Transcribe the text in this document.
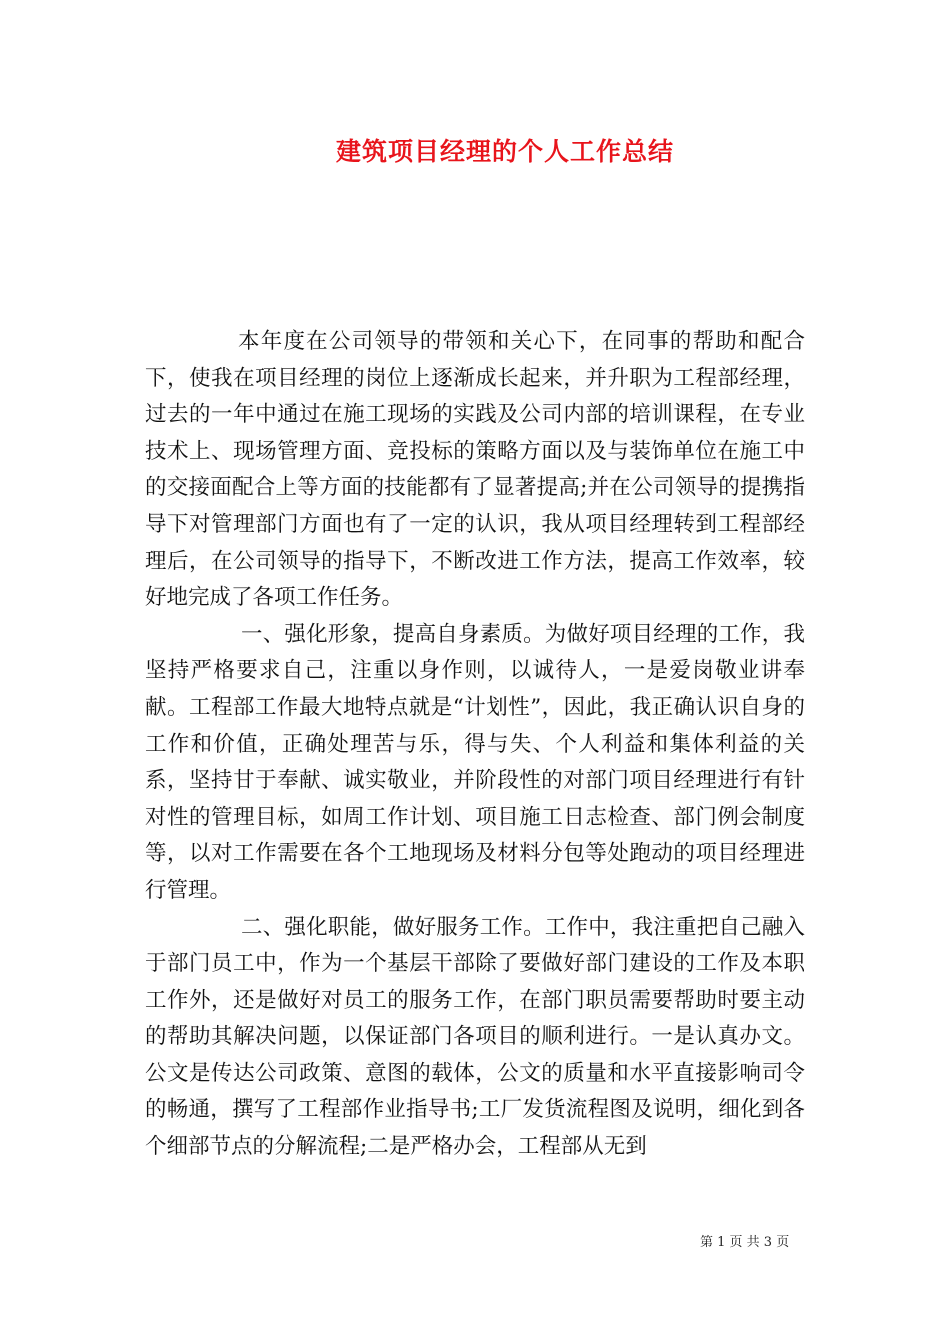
建筑项目经理的个人工作总结

本年度在公司领导的带领和关心下，在同事的帮助和配合下，使我在项目经理的岗位上逐渐成长起来，并升职为工程部经理，过去的一年中通过在施工现场的实践及公司内部的培训课程，在专业技术上、现场管理方面、竞投标的策略方面以及与装饰单位在施工中的交接面配合上等方面的技能都有了显著提高;并在公司领导的提携指导下对管理部门方面也有了一定的认识，我从项目经理转到工程部经理后，在公司领导的指导下，不断改进工作方法，提高工作效率，较好地完成了各项工作任务。

一、强化形象，提高自身素质。为做好项目经理的工作，我坚持严格要求自己，注重以身作则，以诚待人，一是爱岗敬业讲奉献。工程部工作最大地特点就是“计划性”，因此，我正确认识自身的工作和价值，正确处理苦与乐，得与失、个人利益和集体利益的关系，坚持甘于奉献、诚实敬业，并阶段性的对部门项目经理进行有针对性的管理目标，如周工作计划、项目施工日志检查、部门例会制度等，以对工作需要在各个工地现场及材料分包等处跑动的项目经理进行管理。

二、强化职能，做好服务工作。工作中，我注重把自己融入于部门员工中，作为一个基层干部除了要做好部门建设的工作及本职工作外，还是做好对员工的服务工作，在部门职员需要帮助时要主动的帮助其解决问题，以保证部门各项目的顺利进行。一是认真办文。公文是传达公司政策、意图的载体，公文的质量和水平直接影响司令的畅通，撰写了工程部作业指导书;工厂发货流程图及说明，细化到各个细部节点的分解流程;二是严格办会，工程部从无到

第 1 页 共 3 页
